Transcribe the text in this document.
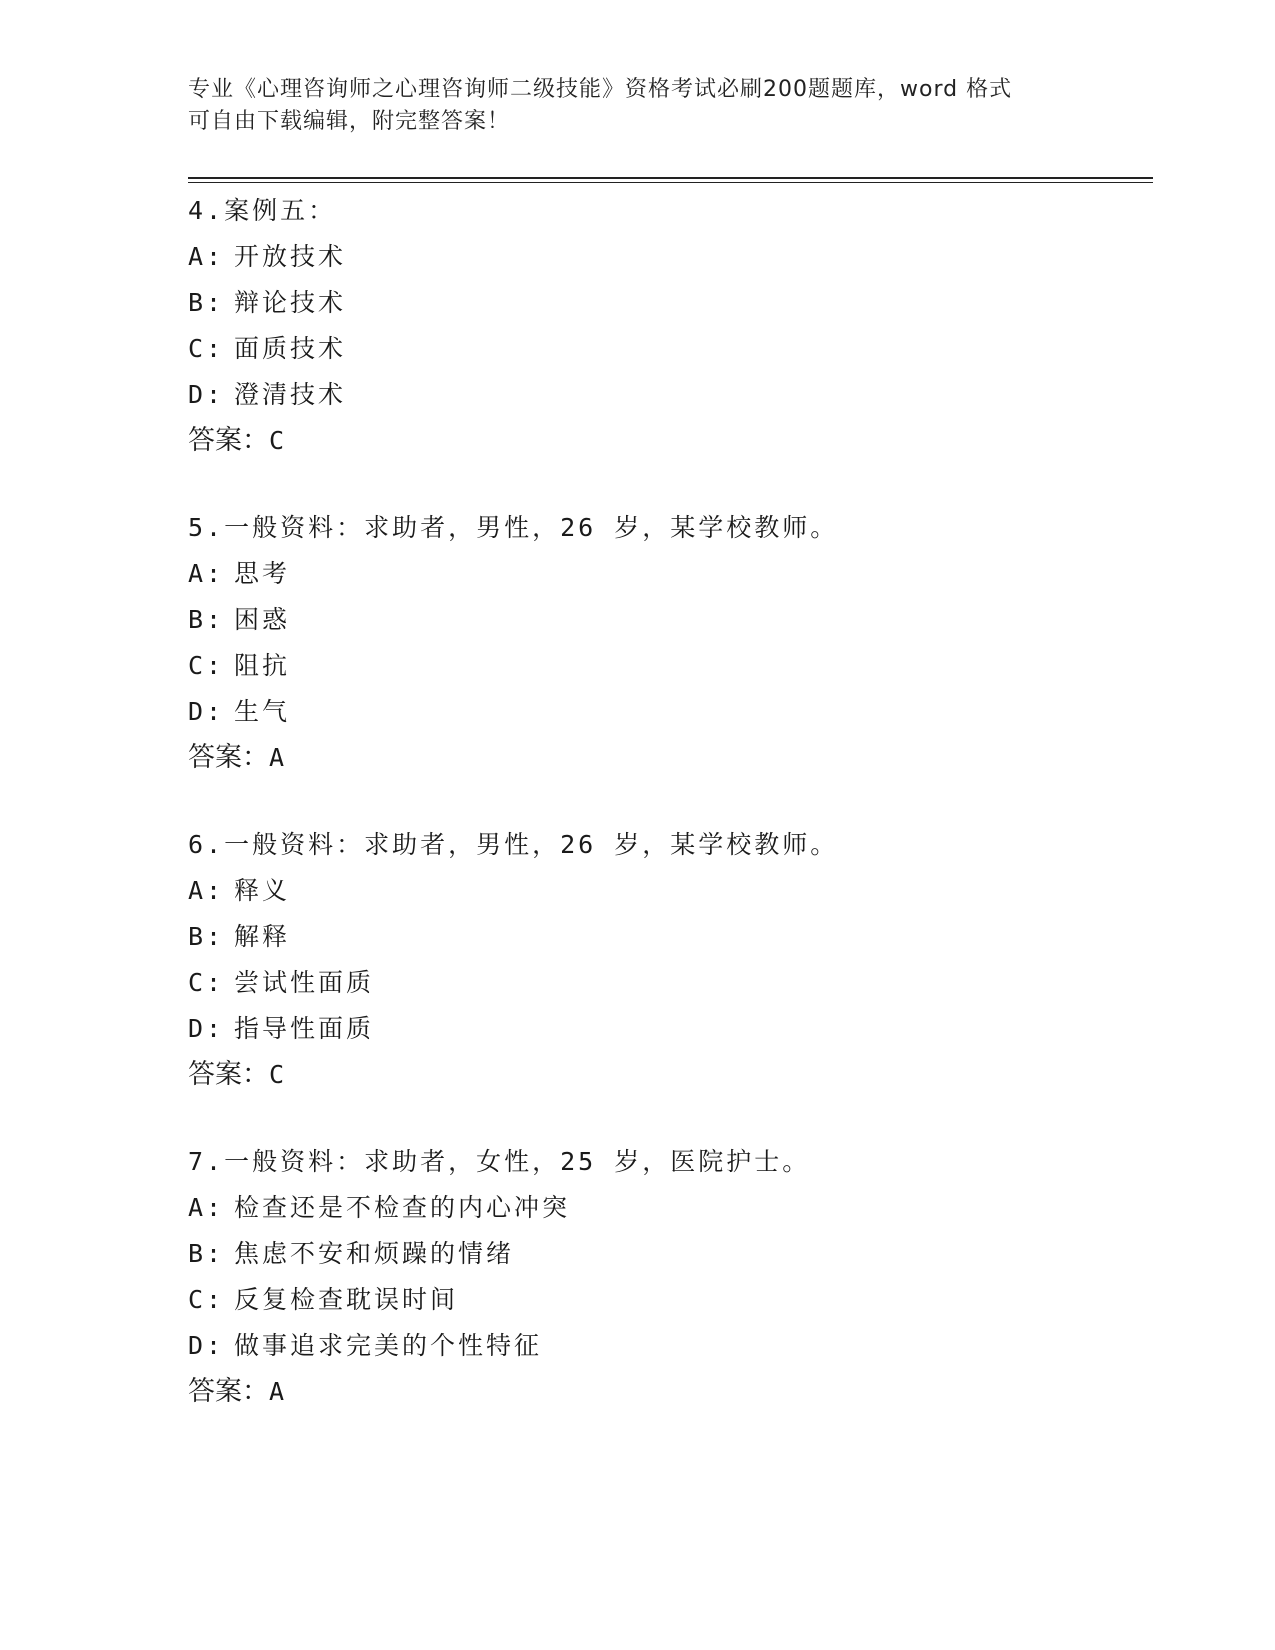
专业《心理咨询师之心理咨询师二级技能》资格考试必刷200题题库，word 格式
可自由下载编辑，附完整答案！
4.案例五：
A: 开放技术
B: 辩论技术
C: 面质技术
D: 澄清技术
答案：C
5.一般资料：求助者，男性，26 岁，某学校教师。
A: 思考
B: 困惑
C: 阻抗
D: 生气
答案：A
6.一般资料：求助者，男性，26 岁，某学校教师。
A: 释义
B: 解释
C: 尝试性面质
D: 指导性面质
答案：C
7.一般资料：求助者，女性，25 岁，医院护士。
A: 检查还是不检查的内心冲突
B: 焦虑不安和烦躁的情绪
C: 反复检查耽误时间
D: 做事追求完美的个性特征
答案：A
